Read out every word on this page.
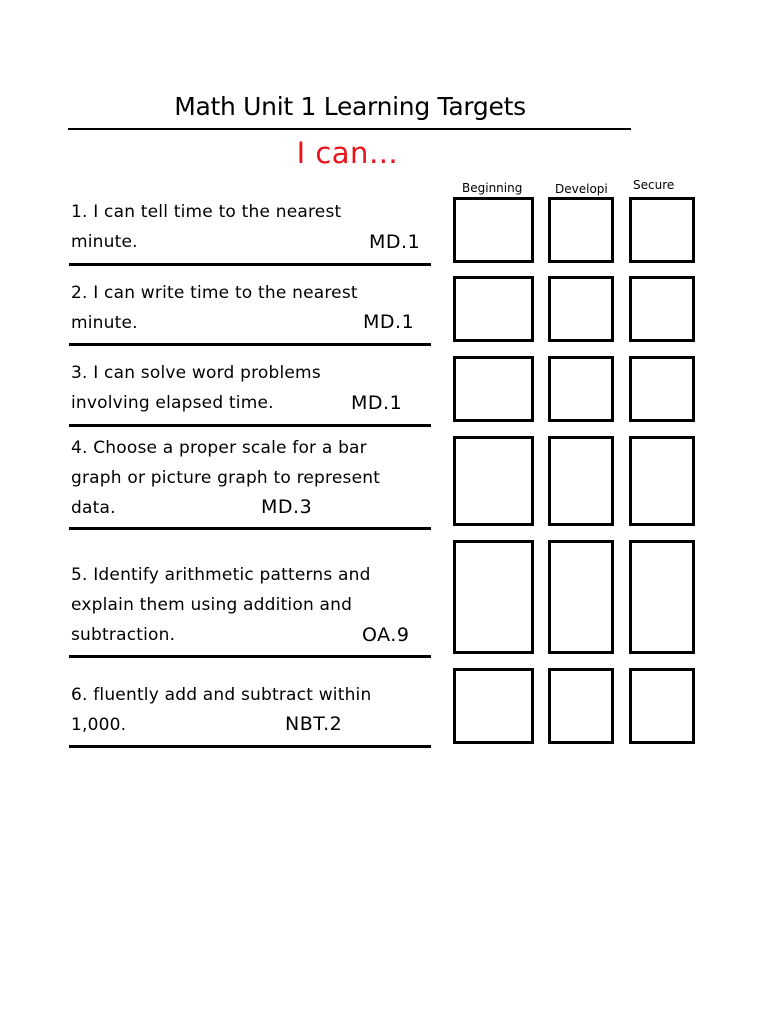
Math Unit 1 Learning Targets
I can…
Beginning	Developi Secure
1. I can tell time to the nearest
minute.	MD.1
2. I can write time to the nearest
minute.	MD.1
3. I can solve word problems
involving elapsed time.	MD.1
4. Choose a proper scale for a bar
graph or picture graph to represent
data.	MD.3
5. Identify arithmetic patterns and
explain them using addition and
subtraction.	OA.9
6. fluently add and subtract within
1,000.	NBT.2
